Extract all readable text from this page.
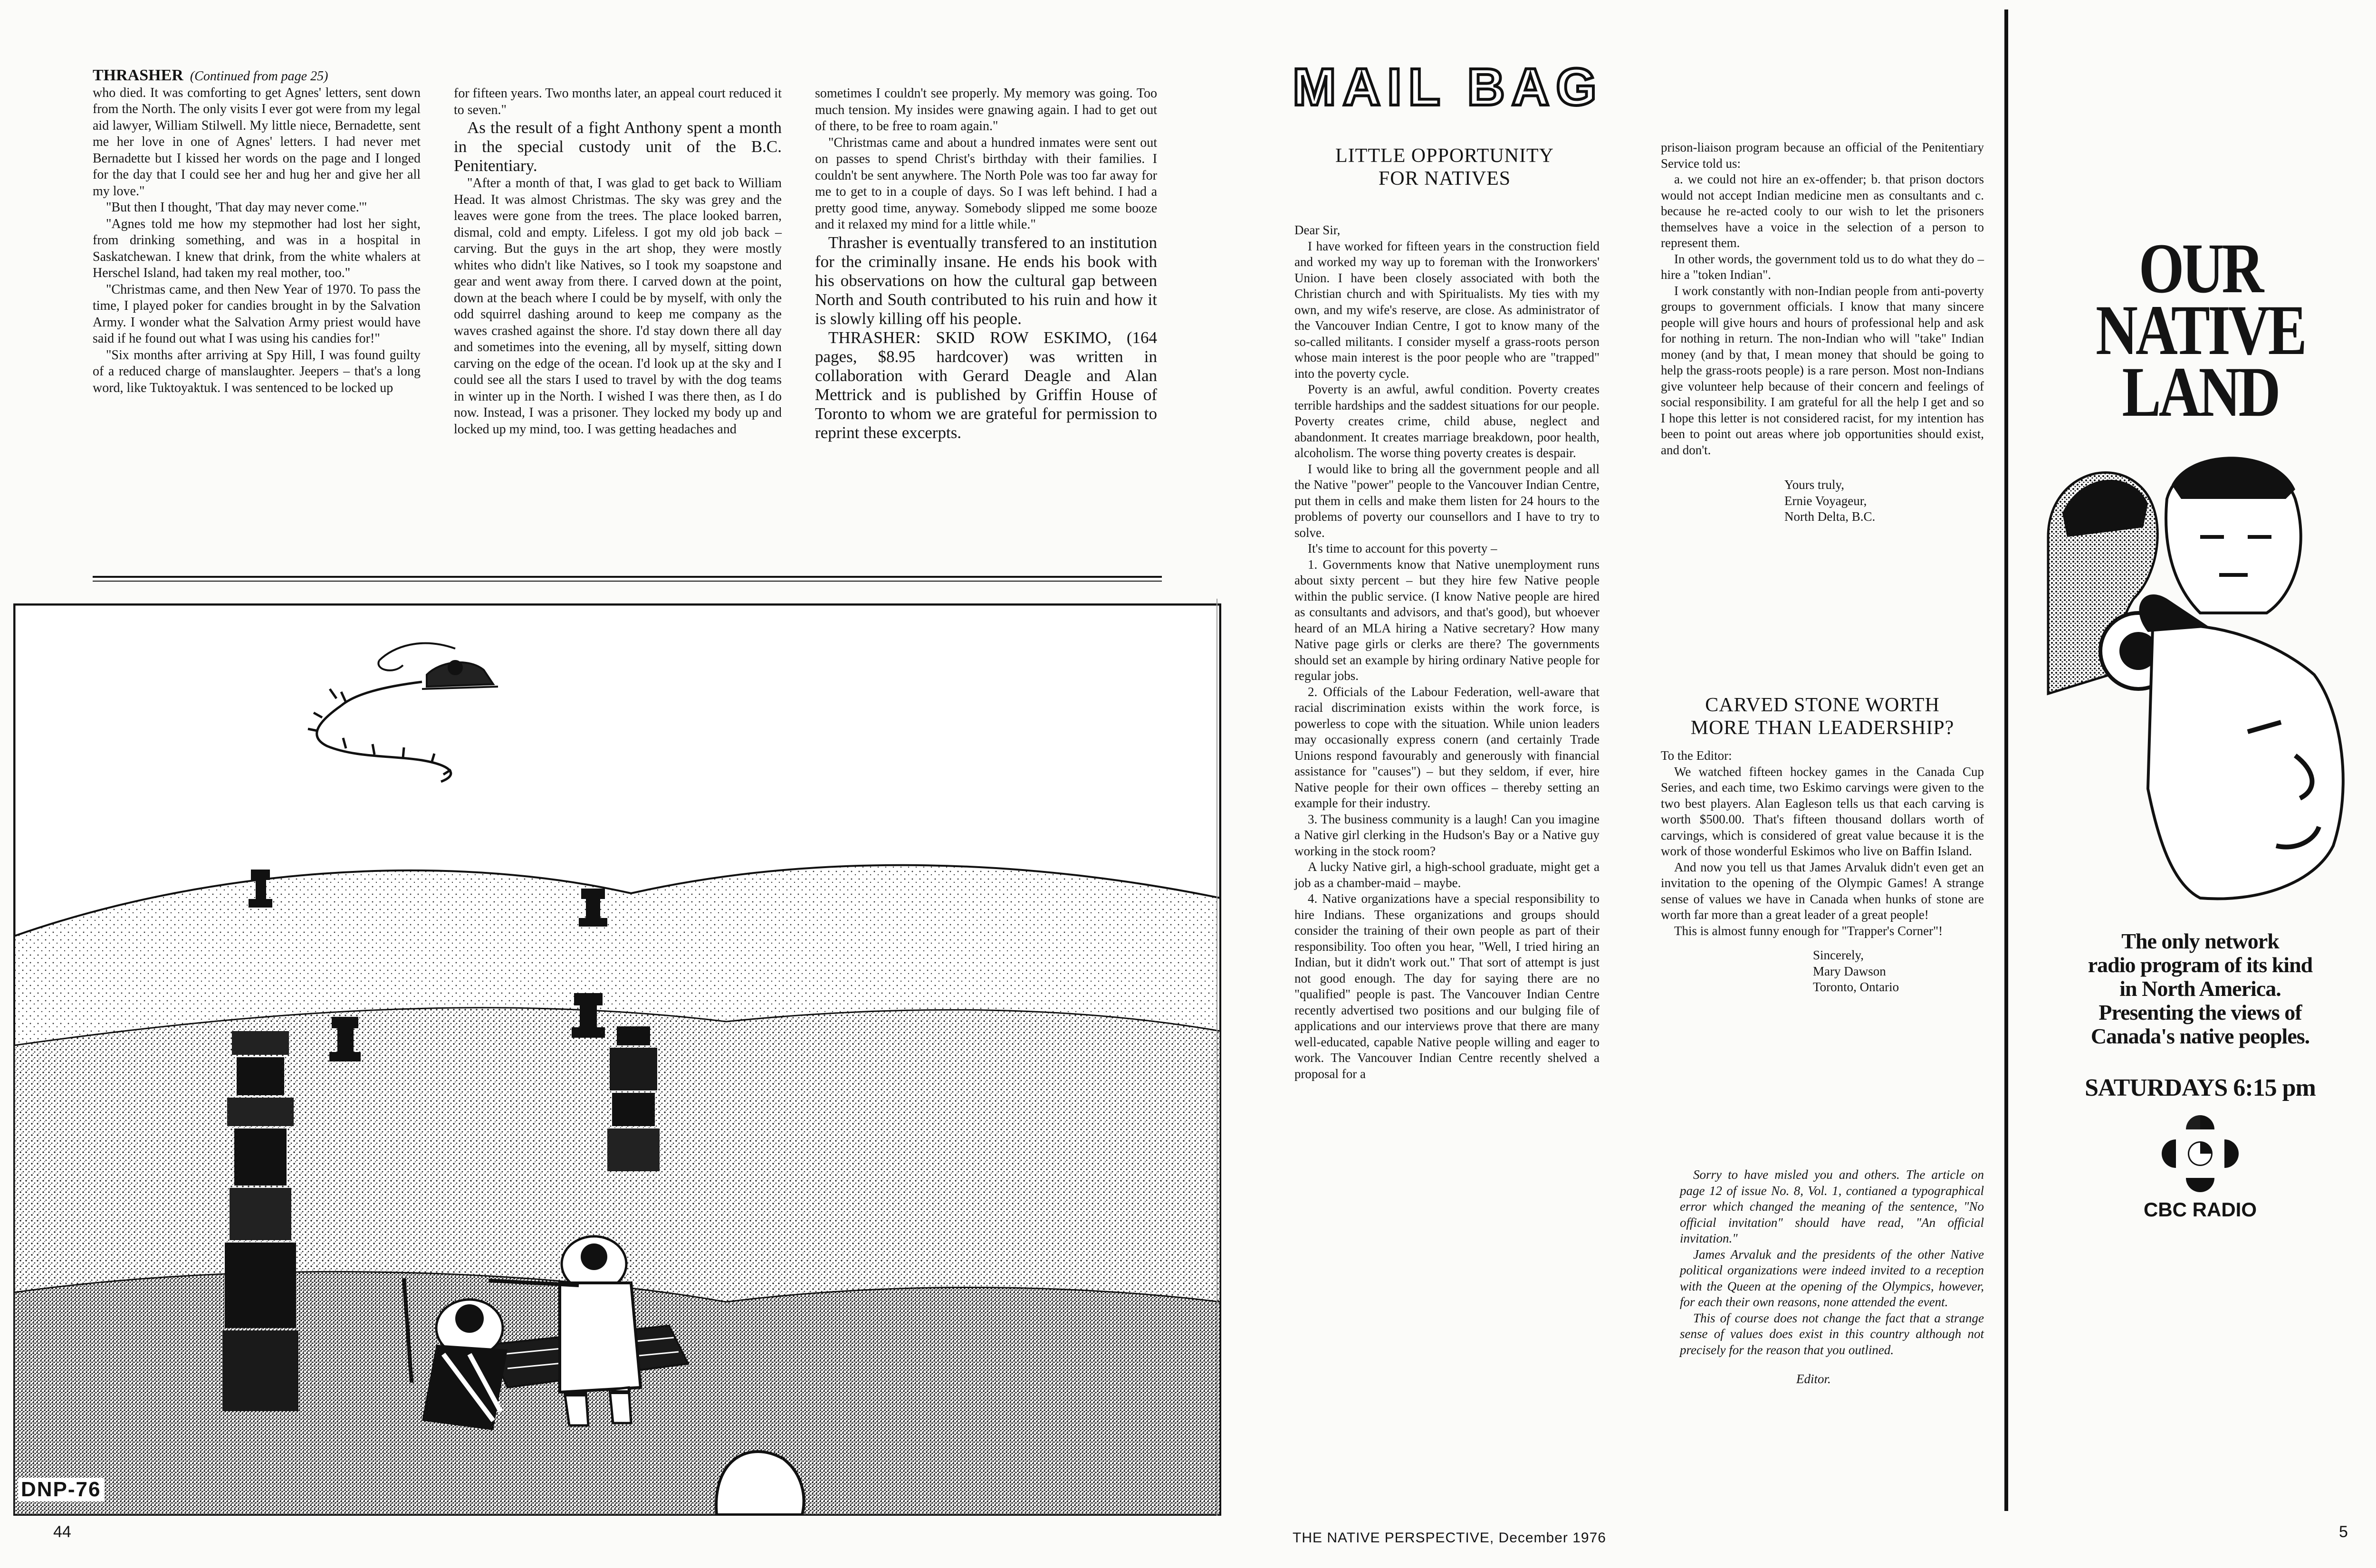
THRASHER (Continued from page 25)

who died. It was comforting to get Agnes' letters, sent down from the North. The only visits I ever got were from my legal aid lawyer, William Stilwell. My little niece, Bernadette, sent me her love in one of Agnes' letters. I had never met Bernadette but I kissed her words on the page and I longed for the day that I could see her and hug her and give her all my love."

"But then I thought, 'That day may never come.'"

"Agnes told me how my stepmother had lost her sight, from drinking something, and was in a hospital in Saskatchewan. I knew that drink, from the white whalers at Herschel Island, had taken my real mother, too."

"Christmas came, and then New Year of 1970. To pass the time, I played poker for candies brought in by the Salvation Army. I wonder what the Salvation Army priest would have said if he found out what I was using his candies for!"

"Six months after arriving at Spy Hill, I was found guilty of a reduced charge of manslaughter. Jeepers – that's a long word, like Tuktoyaktuk. I was sentenced to be locked up

for fifteen years. Two months later, an appeal court reduced it to seven."

As the result of a fight Anthony spent a month in the special custody unit of the B.C. Penitentiary.

"After a month of that, I was glad to get back to William Head. It was almost Christmas. The sky was grey and the leaves were gone from the trees. The place looked barren, dismal, cold and empty. Lifeless. I got my old job back – carving. But the guys in the art shop, they were mostly whites who didn't like Natives, so I took my soapstone and gear and went away from there. I carved down at the point, down at the beach where I could be by myself, with only the odd squirrel dashing around to keep me company as the waves crashed against the shore. I'd stay down there all day and sometimes into the evening, all by myself, sitting down carving on the edge of the ocean. I'd look up at the sky and I could see all the stars I used to travel by with the dog teams in winter up in the North. I wished I was there then, as I do now. Instead, I was a prisoner. They locked my body up and locked up my mind, too. I was getting headaches and

sometimes I couldn't see properly. My memory was going. Too much tension. My insides were gnawing again. I had to get out of there, to be free to roam again."

"Christmas came and about a hundred inmates were sent out on passes to spend Christ's birthday with their families. I couldn't be sent anywhere. The North Pole was too far away for me to get to in a couple of days. So I was left behind. I had a pretty good time, anyway. Somebody slipped me some booze and it relaxed my mind for a little while."

Thrasher is eventually transfered to an institution for the criminally insane. He ends his book with his observations on how the cultural gap between North and South contributed to his ruin and how it is slowly killing off his people.

THRASHER: SKID ROW ESKIMO, (164 pages, $8.95 hardcover) was written in collaboration with Gerard Deagle and Alan Mettrick and is published by Griffin House of Toronto to whom we are grateful for permission to reprint these excerpts.

DNP-76
44
MAIL BAG
LITTLE OPPORTUNITY
FOR NATIVES

Dear Sir,

I have worked for fifteen years in the construction field and worked my way up to foreman with the Ironworkers' Union. I have been closely associated with both the Christian church and with Spiritualists. My ties with my own, and my wife's reserve, are close. As administrator of the Vancouver Indian Centre, I got to know many of the so-called militants. I consider myself a grass-roots person whose main interest is the poor people who are "trapped" into the poverty cycle.

Poverty is an awful, awful condition. Poverty creates terrible hardships and the saddest situations for our people. Poverty creates crime, child abuse, neglect and abandonment. It creates marriage breakdown, poor health, alcoholism. The worse thing poverty creates is despair.

I would like to bring all the government people and all the Native "power" people to the Vancouver Indian Centre, put them in cells and make them listen for 24 hours to the problems of poverty our counsellors and I have to try to solve.

It's time to account for this poverty –

1. Governments know that Native unemployment runs about sixty percent – but they hire few Native people within the public service. (I know Native people are hired as consultants and advisors, and that's good), but whoever heard of an MLA hiring a Native secretary? How many Native page girls or clerks are there? The governments should set an example by hiring ordinary Native people for regular jobs.

2. Officials of the Labour Federation, well-aware that racial discrimination exists within the work force, is powerless to cope with the situation. While union leaders may occasionally express conern (and certainly Trade Unions respond favourably and generously with financial assistance for "causes") – but they seldom, if ever, hire Native people for their own offices – thereby setting an example for their industry.

3. The business community is a laugh! Can you imagine a Native girl clerking in the Hudson's Bay or a Native guy working in the stock room?

A lucky Native girl, a high-school graduate, might get a job as a chamber-maid – maybe.

4. Native organizations have a special responsibility to hire Indians. These organizations and groups should consider the training of their own people as part of their responsibility. Too often you hear, "Well, I tried hiring an Indian, but it didn't work out." That sort of attempt is just not good enough. The day for saying there are no "qualified" people is past. The Vancouver Indian Centre recently advertised two positions and our bulging file of applications and our interviews prove that there are many well-educated, capable Native people willing and eager to work. The Vancouver Indian Centre recently shelved a proposal for a

prison-liaison program because an official of the Penitentiary Service told us:

a. we could not hire an ex-offender; b. that prison doctors would not accept Indian medicine men as consultants and c. because he re-acted cooly to our wish to let the prisoners themselves have a voice in the selection of a person to represent them.

In other words, the government told us to do what they do – hire a "token Indian".

I work constantly with non-Indian people from anti-poverty groups to government officials. I know that many sincere people will give hours and hours of professional help and ask for nothing in return. The non-Indian who will "take" Indian money (and by that, I mean money that should be going to help the grass-roots people) is a rare person. Most non-Indians give volunteer help because of their concern and feelings of social responsibility. I am grateful for all the help I get and so I hope this letter is not considered racist, for my intention has been to point out areas where job opportunities should exist, and don't.

Yours truly,

Ernie Voyageur,

North Delta, B.C.

CARVED STONE WORTH
MORE THAN LEADERSHIP?

To the Editor:

We watched fifteen hockey games in the Canada Cup Series, and each time, two Eskimo carvings were given to the two best players. Alan Eagleson tells us that each carving is worth $500.00. That's fifteen thousand dollars worth of carvings, which is considered of great value because it is the work of those wonderful Eskimos who live on Baffin Island.

And now you tell us that James Arvaluk didn't even get an invitation to the opening of the Olympic Games! A strange sense of values we have in Canada when hunks of stone are worth far more than a great leader of a great people!

This is almost funny enough for "Trapper's Corner"!

Sincerely,

Mary Dawson

Toronto, Ontario

Sorry to have misled you and others. The article on page 12 of issue No. 8, Vol. 1, contianed a typographical error which changed the meaning of the sentence, "No official invitation" should have read, "An official invitation."

James Arvaluk and the presidents of the other Native political organizations were indeed invited to a reception with the Queen at the opening of the Olympics, however, for each their own reasons, none attended the event.

This of course does not change the fact that a strange sense of values does exist in this country although not precisely for the reason that you outlined.

Editor.

OUR
NATIVE
LAND
The only network
radio program of its kind
in North America.
Presenting the views of
Canada's native peoples.
SATURDAYS 6:15 pm
CBC RADIO
THE NATIVE PERSPECTIVE, December 1976	5
